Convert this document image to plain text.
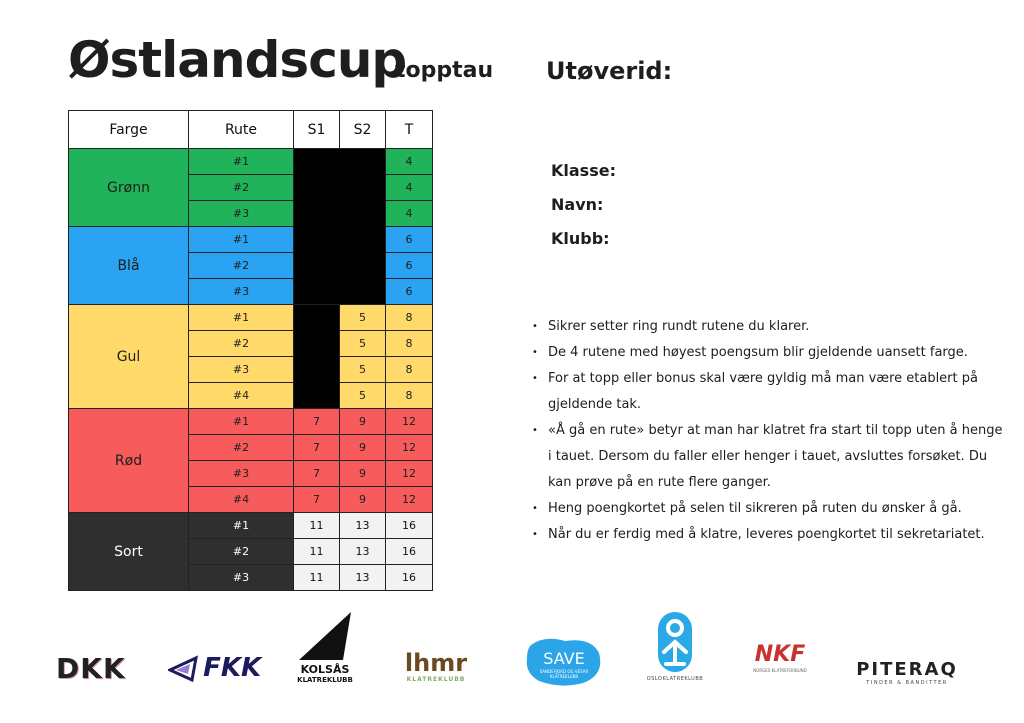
Østlandscup
topptau Utøverid:
Klasse:
Navn:
Klubb:
Farge	Rute	S1	S2	T
Grønn	#1			4
	#2			4
	#3			4
Blå	#1			6
	#2			6
	#3			6
Gul	#1		5	8
	#2		5	8
	#3		5	8
	#4		5	8
Rød	#1	7	9	12
	#2	7	9	12
	#3	7	9	12
	#4	7	9	12
Sort	#1	11	13	16
	#2	11	13	16
	#3	11	13	16
• Sikrer setter ring rundt rutene du klarer.
• De 4 rutene med høyest poengsum blir gjeldende uansett farge.
• For at topp eller bonus skal være gyldig må man være etablert på gjeldende tak.
• «Å gå en rute» betyr at man har klatret fra start til topp uten å henge i tauet. Dersom du faller eller henger i tauet, avsluttes forsøket. Du kan prøve på en rute flere ganger.
• Heng poengkortet på selen til sikreren på ruten du ønsker å gå.
• Når du er ferdig med å klatre, leveres poengkortet til sekretariatet.
DKK	FKK	KOLSÅS
KLATREKLUBB
lhmr
KLATREKLUBB
SAVE
SANDEFJORD OG VESAR KLATREKLUBB	OSLOKLATREKLUBB
NKF
NORGES KLATREFORBUND	PITERAQ
TINDER & BANDITTER
